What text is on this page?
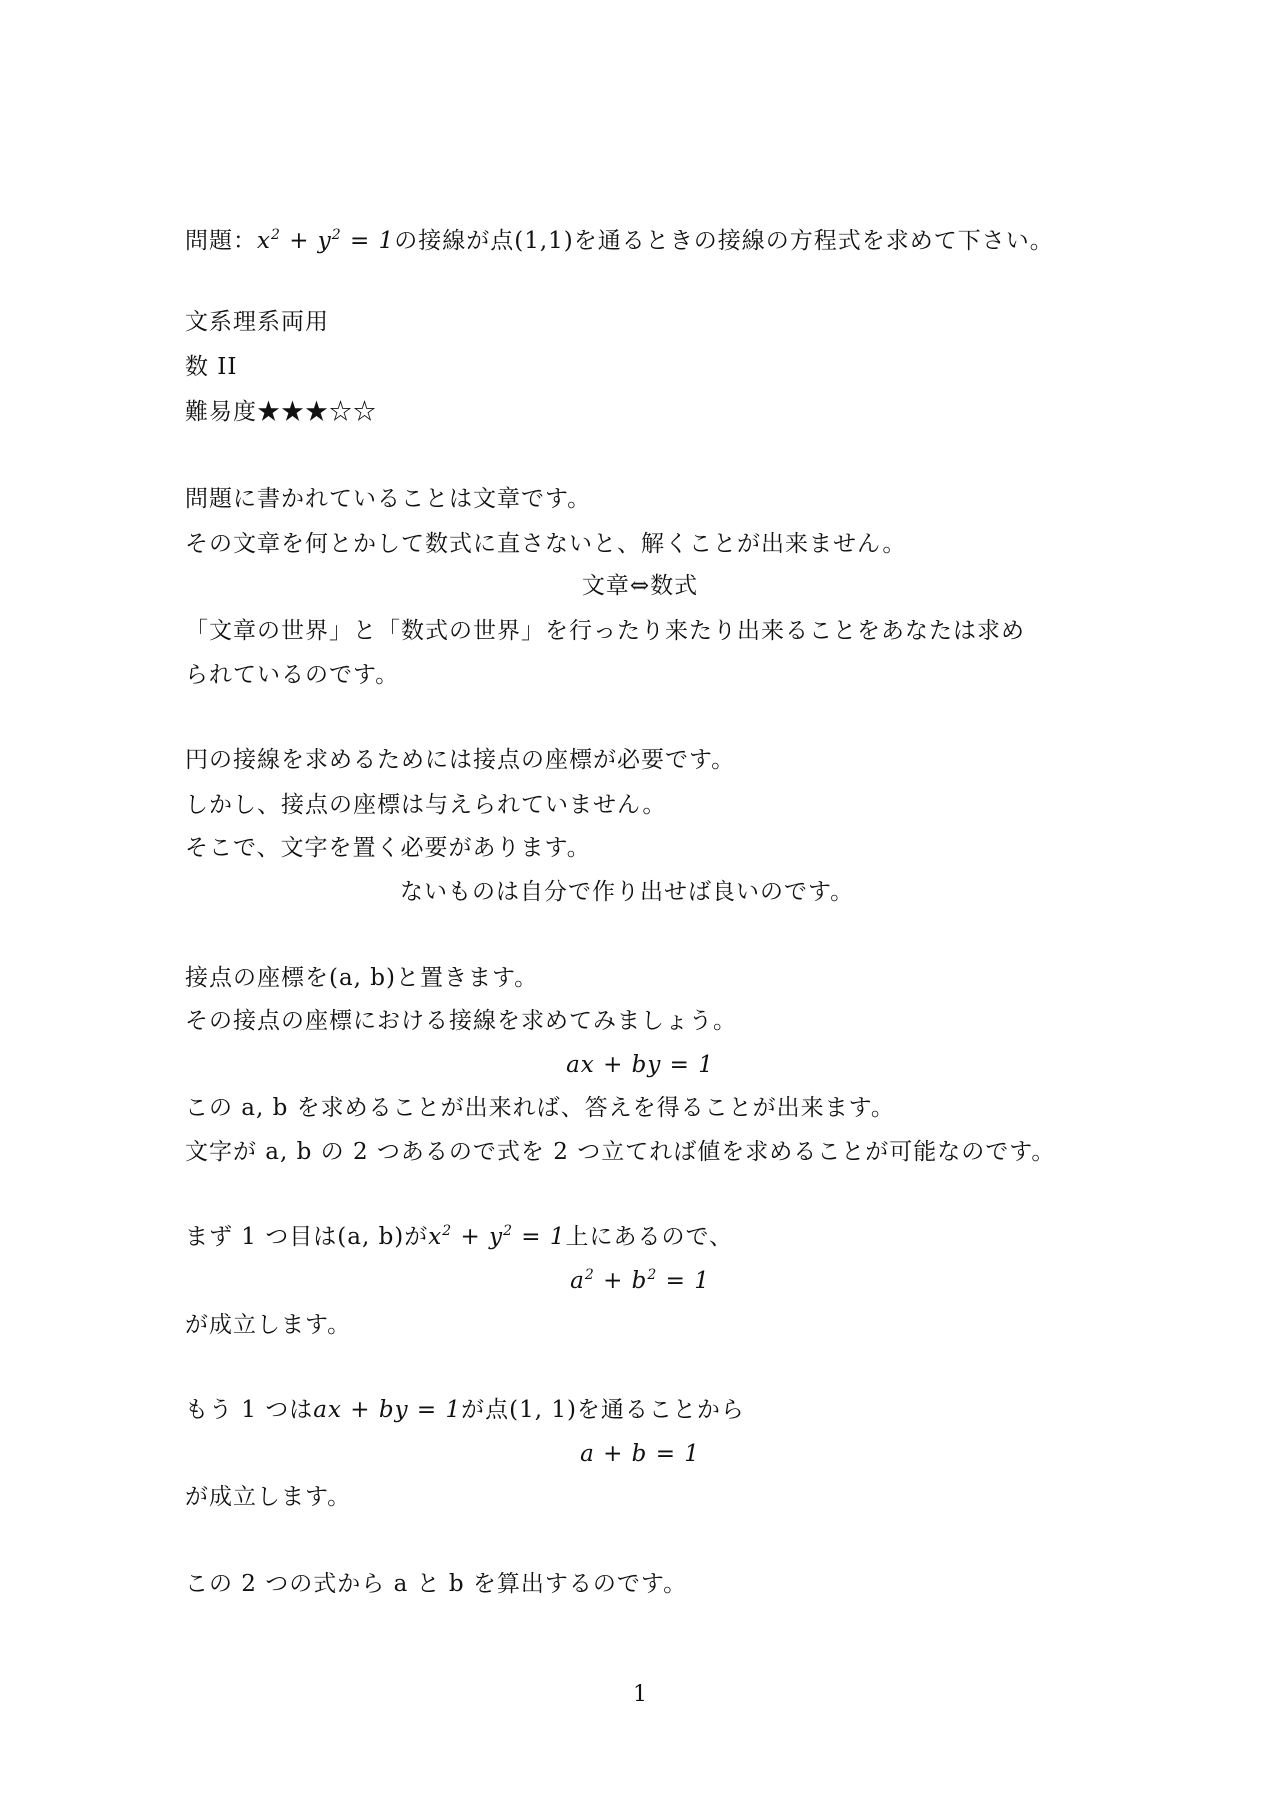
問題：$x^2 + y^2 = 1$の接線が点(1,1)を通るときの接線の方程式を求めて下さい。
文系理系両用
数 II
難易度★★★☆☆
問題に書かれていることは文章です。
その文章を何とかして数式に直さないと、解くことが出来ません。
文章⇔数式
「文章の世界」と「数式の世界」を行ったり来たり出来ることをあなたは求め
られているのです。
円の接線を求めるためには接点の座標が必要です。
しかし、接点の座標は与えられていません。
そこで、文字を置く必要があります。
ないものは自分で作り出せば良いのです。
接点の座標を(a, b)と置きます。
その接点の座標における接線を求めてみましょう。
ax + by = 1
この a, b を求めることが出来れば、答えを得ることが出来ます。
文字が a, b の 2 つあるので式を 2 つ立てれば値を求めることが可能なのです。
まず 1 つ目は(a, b)が$x^2 + y^2 = 1$上にあるので、
$a^2 + b^2 = 1$
が成立します。
もう 1 つはax + by = 1が点(1, 1)を通ることから
a + b = 1
が成立します。
この 2 つの式から a と b を算出するのです。
1
